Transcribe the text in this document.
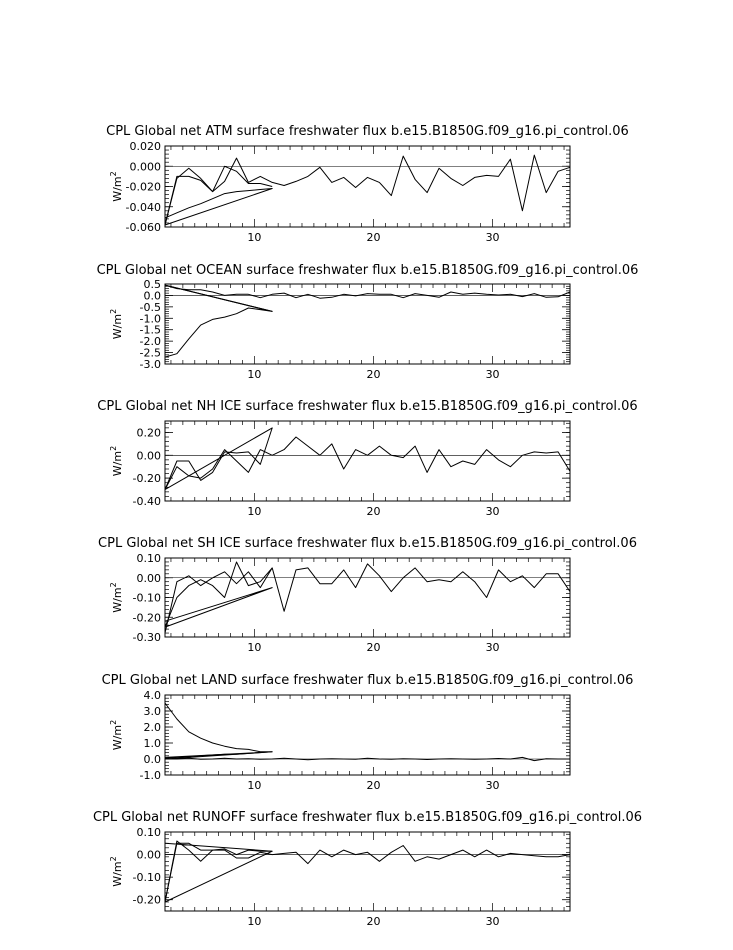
CPL Global net ATM surface freshwater flux b.e15.B1850G.f09_g16.pi_control.06
10	20	30
0.020
0.000
-0.020
-0.040
-0.060
$W/m^2$
CPL Global net OCEAN surface freshwater flux b.e15.B1850G.f09_g16.pi_control.06
10	20	30
0.5
0.0
-0.5
-1.0
-1.5
-2.0
-2.5
-3.0
$W/m^2$
CPL Global net NH ICE surface freshwater flux b.e15.B1850G.f09_g16.pi_control.06
10	20	30
0.20
0.00
-0.20
-0.40
$W/m^2$
CPL Global net SH ICE surface freshwater flux b.e15.B1850G.f09_g16.pi_control.06
10	20	30
0.10
0.00
-0.10
-0.20
-0.30
$W/m^2$
CPL Global net LAND surface freshwater flux b.e15.B1850G.f09_g16.pi_control.06
10	20	30
4.0
3.0
2.0
1.0
0.0
-1.0
$W/m^2$
CPL Global net RUNOFF surface freshwater flux b.e15.B1850G.f09_g16.pi_control.06
10	20	30
0.10
0.00
-0.10
-0.20
$W/m^2$
